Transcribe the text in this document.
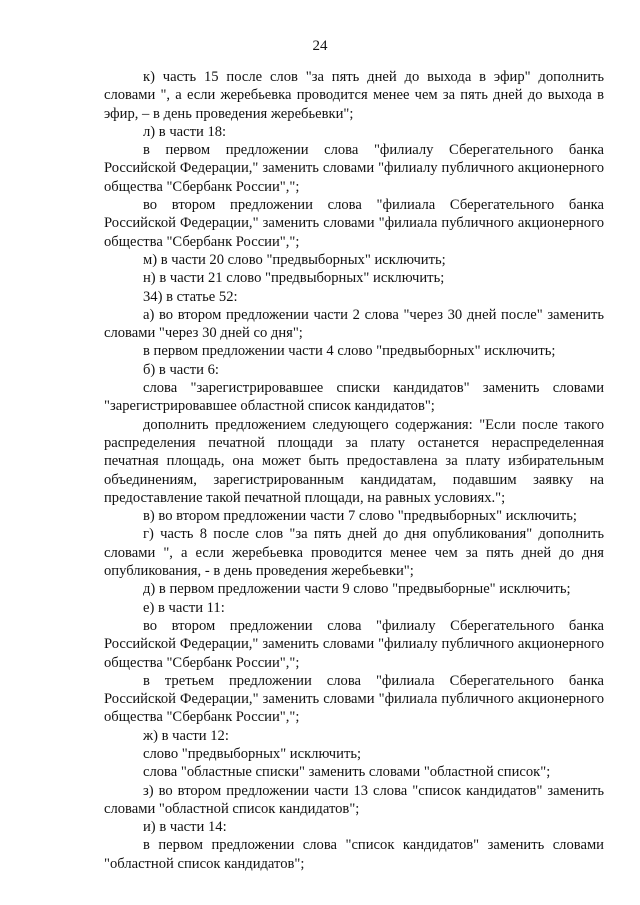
24

к) часть 15 после слов "за пять дней до выхода в эфир" дополнить словами ", а если жеребьевка проводится менее чем за пять дней до выхода в эфир, – в день проведения жеребьевки";

л) в части 18:

в первом предложении слова "филиалу Сберегательного банка Российской Федерации," заменить словами "филиалу публичного акционерного общества "Сбербанк России",";

во втором предложении слова "филиала Сберегательного банка Российской Федерации," заменить словами "филиала публичного акционерного общества "Сбербанк России",";

м) в части 20 слово "предвыборных" исключить;

н) в части 21 слово "предвыборных" исключить;

34) в статье 52:

а) во втором предложении части 2 слова "через 30 дней после" заменить словами "через 30 дней со дня";

в первом предложении части 4 слово "предвыборных" исключить;

б) в части 6:

слова "зарегистрировавшее списки кандидатов" заменить словами "зарегистрировавшее областной список кандидатов";

дополнить предложением следующего содержания: "Если после такого распределения печатной площади за плату останется нераспределенная печатная площадь, она может быть предоставлена за плату избирательным объединениям, зарегистрированным кандидатам, подавшим заявку на предоставление такой печатной площади, на равных условиях.";

в) во втором предложении части 7 слово "предвыборных" исключить;

г) часть 8 после слов "за пять дней до дня опубликования" дополнить словами ", а если жеребьевка проводится менее чем за пять дней до дня опубликования, - в день проведения жеребьевки";

д) в первом предложении части 9 слово "предвыборные" исключить;

е) в части 11:

во втором предложении слова "филиалу Сберегательного банка Российской Федерации," заменить словами "филиалу публичного акционерного общества "Сбербанк России",";

в третьем предложении слова "филиала Сберегательного банка Российской Федерации," заменить словами "филиала публичного акционерного общества "Сбербанк России",";

ж) в части 12:

слово "предвыборных" исключить;

слова "областные списки" заменить словами "областной список";

з) во втором предложении части 13 слова "список кандидатов" заменить словами "областной список кандидатов";

и) в части 14:

в первом предложении слова "список кандидатов" заменить словами "областной список кандидатов";
